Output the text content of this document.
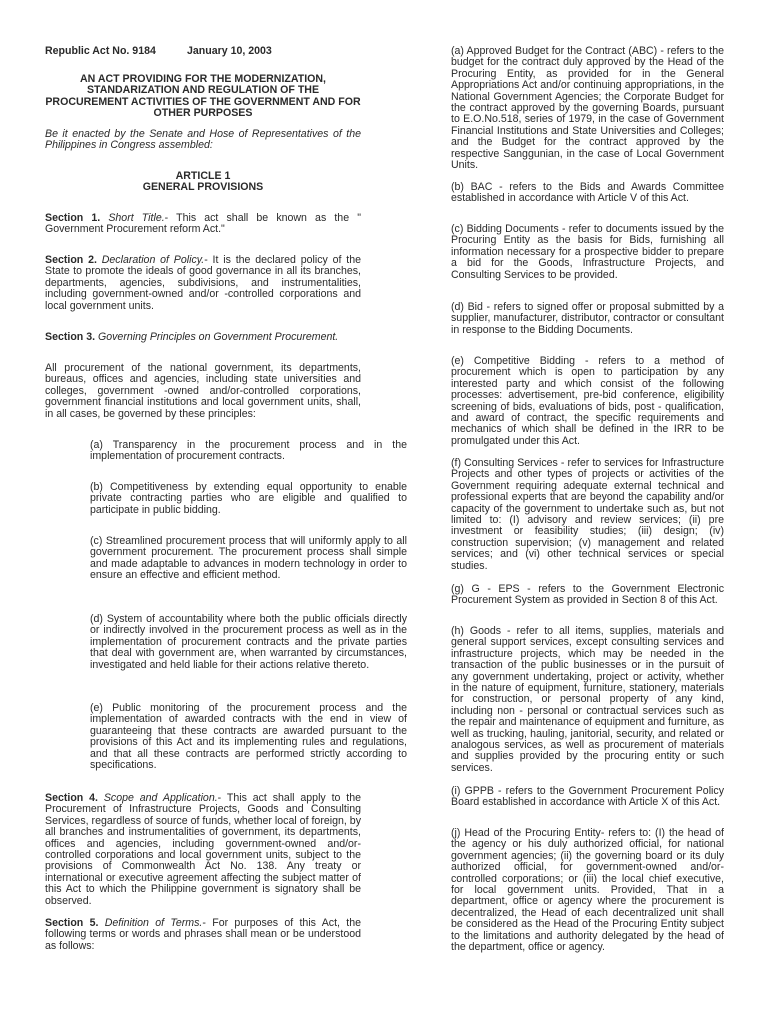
Republic Act No. 9184	January 10, 2003
AN ACT PROVIDING FOR THE MODERNIZATION, STANDARIZATION AND REGULATION OF THE PROCUREMENT ACTIVITIES OF THE GOVERNMENT AND FOR OTHER PURPOSES
Be it enacted by the Senate and Hose of Representatives of the Philippines in Congress assembled:
ARTICLE 1
GENERAL PROVISIONS
Section 1. Short Title.- This act shall be known as the " Government Procurement reform Act."
Section 2. Declaration of Policy.- It is the declared policy of the State to promote the ideals of good governance in all its branches, departments, agencies, subdivisions, and instrumentalities, including government-owned and/or -controlled corporations and local government units.
Section 3. Governing Principles on Government Procurement.
All procurement of the national government, its departments, bureaus, offices and agencies, including state universities and colleges, government -owned and/or-controlled corporations, government financial institutions and local government units, shall, in all cases, be governed by these principles:
(a) Transparency in the procurement process and in the implementation of procurement contracts.
(b) Competitiveness by extending equal opportunity to enable private contracting parties who are eligible and qualified to participate in public bidding.
(c) Streamlined procurement process that will uniformly apply to all government procurement. The procurement process shall simple and made adaptable to advances in modern technology in order to ensure an effective and efficient method.
(d) System of accountability where both the public officials directly or indirectly involved in the procurement process as well as in the implementation of procurement contracts and the private parties that deal with government are, when warranted by circumstances, investigated and held liable for their actions relative thereto.
(e) Public monitoring of the procurement process and the implementation of awarded contracts with the end in view of guaranteeing that these contracts are awarded pursuant to the provisions of this Act and its implementing rules and regulations, and that all these contracts are performed strictly according to specifications.
Section 4. Scope and Application.- This act shall apply to the Procurement of Infrastructure Projects, Goods and Consulting Services, regardless of source of funds, whether local of foreign, by all branches and instrumentalities of government, its departments, offices and agencies, including government-owned and/or-controlled corporations and local government units, subject to the provisions of Commonwealth Act No. 138. Any treaty or international or executive agreement affecting the subject matter of this Act to which the Philippine government is signatory shall be observed.
Section 5. Definition of Terms.- For purposes of this Act, the following terms or words and phrases shall mean or be understood as follows:
(a) Approved Budget for the Contract (ABC) - refers to the budget for the contract duly approved by the Head of the Procuring Entity, as provided for in the General Appropriations Act and/or continuing appropriations, in the National Government Agencies; the Corporate Budget for the contract approved by the governing Boards, pursuant to E.O.No.518, series of 1979, in the case of Government Financial Institutions and State Universities and Colleges; and the Budget for the contract approved by the respective Sanggunian, in the case of Local Government Units.
(b) BAC - refers to the Bids and Awards Committee established in accordance with Article V of this Act.
(c) Bidding Documents - refer to documents issued by the Procuring Entity as the basis for Bids, furnishing all information necessary for a prospective bidder to prepare a bid for the Goods, Infrastructure Projects, and Consulting Services to be provided.
(d) Bid - refers to signed offer or proposal submitted by a supplier, manufacturer, distributor, contractor or consultant in response to the Bidding Documents.
(e) Competitive Bidding - refers to a method of procurement which is open to participation by any interested party and which consist of the following processes: advertisement, pre-bid conference, eligibility screening of bids, evaluations of bids, post - qualification, and award of contract, the specific requirements and mechanics of which shall be defined in the IRR to be promulgated under this Act.
(f) Consulting Services - refer to services for Infrastructure Projects and other types of projects or activities of the Government requiring adequate external technical and professional experts that are beyond the capability and/or capacity of the government to undertake such as, but not limited to: (I) advisory and review services; (ii) pre investment or feasibility studies; (iii) design; (iv) construction supervision; (v) management and related services; and (vi) other technical services or special studies.
(g) G - EPS - refers to the Government Electronic Procurement System as provided in Section 8 of this Act.
(h) Goods - refer to all items, supplies, materials and general support services, except consulting services and infrastructure projects, which may be needed in the transaction of the public businesses or in the pursuit of any government undertaking, project or activity, whether in the nature of equipment, furniture, stationery, materials for construction, or personal property of any kind, including non - personal or contractual services such as the repair and maintenance of equipment and furniture, as well as trucking, hauling, janitorial, security, and related or analogous services, as well as procurement of materials and supplies provided by the procuring entity or such services.
(i) GPPB - refers to the Government Procurement Policy Board established in accordance with Article X of this Act.
(j) Head of the Procuring Entity- refers to: (I) the head of the agency or his duly authorized official, for national government agencies; (ii) the governing board or its duly authorized official, for government-owned and/or-controlled corporations; or (iii) the local chief executive, for local government units. Provided, That in a department, office or agency where the procurement is decentralized, the Head of each decentralized unit shall be considered as the Head of the Procuring Entity subject to the limitations and authority delegated by the head of the department, office or agency.
